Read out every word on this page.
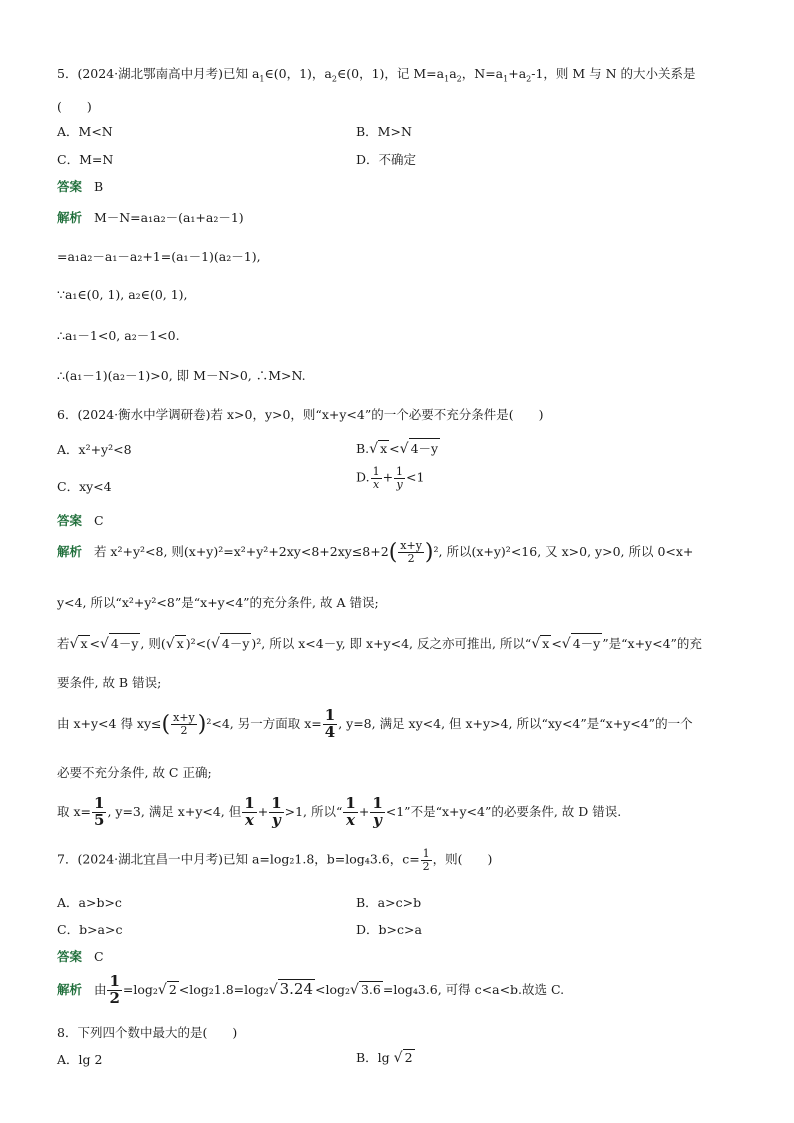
5．(2024·湖北鄂南高中月考)已知 $a_1\in(0$，1)，$a_2\in(0$，1)，记 $M=a_1a_2$，$N=a_1+a_2-1$，则 M 与 N 的大小关系是
(　　)
A．M<N	B．M>N
C．M=N	D．不确定
答案 B
解析 M－N=a₁a₂－(a₁+a₂－1)
=a₁a₂－a₁－a₂+1=(a₁－1)(a₂－1),
∵a₁∈(0, 1), a₂∈(0, 1),
∴a₁－1<0, a₂－1<0.
∴(a₁－1)(a₂－1)>0, 即 M－N>0, ∴M>N.
6．(2024·衡水中学调研卷)若 x>0，y>0，则“x+y<4”的一个必要不充分条件是(　　)
A．x²+y²<8	B.√ x <√ 4－y
C．xy<4
D. $\frac{1}{x} + \frac{1}{y} <1$
答案 C
解析 若 x²+y²<8, 则$(x+y)^2=x^2+y^2+2xy<8+2xy\le 8+2( \frac{x+y}{2} )^2$, 所以(x+y)²<16, 又 x>0, y>0, 所以 0<x+
y<4, 所以“x²+y²<8”是“x+y<4”的充分条件, 故 A 错误;
若√ x <√ 4－y , 则(√ x )²<(√ 4－y )², 所以 x<4－y, 即 x+y<4, 反之亦可推出, 所以“√ x <√ 4－y ”是“x+y<4”的充
要条件, 故 B 错误;
由 x+y<4 得 $xy\le( \frac{x+y}{2} )^2<4$, 另一方面取 $x= \frac{1}{4}$ , y=8, 满足 xy<4, 但 x+y>4, 所以“xy<4”是“x+y<4”的一个
必要不充分条件, 故 C 正确;
取 $x= \frac{1}{5}$ , y=3, 满足 x+y<4, 但 $\frac{1}{x} + \frac{1}{y} >1$, 所以“ $\frac{1}{x} + \frac{1}{y} <1$”不是“x+y<4”的必要条件, 故 D 错误.
7．(2024·湖北宜昌一中月考)已知 a=log₂1.8，b=log₄3.6，$c= \frac{1}{2}$ ，则(　　)
A．a>b>c	B．a>c>b
C．b>a>c	D．b>c>a
答案 C
解析 由 $\frac{1}{2} =\log_2√$ 2 <log₂1.8=log₂√ 3.24 <log₂√ 3.6 =log₄3.6, 可得 c<a<b.故选 C.
8．下列四个数中最大的是(　　)
A．lg 2	B．lg √ 2
